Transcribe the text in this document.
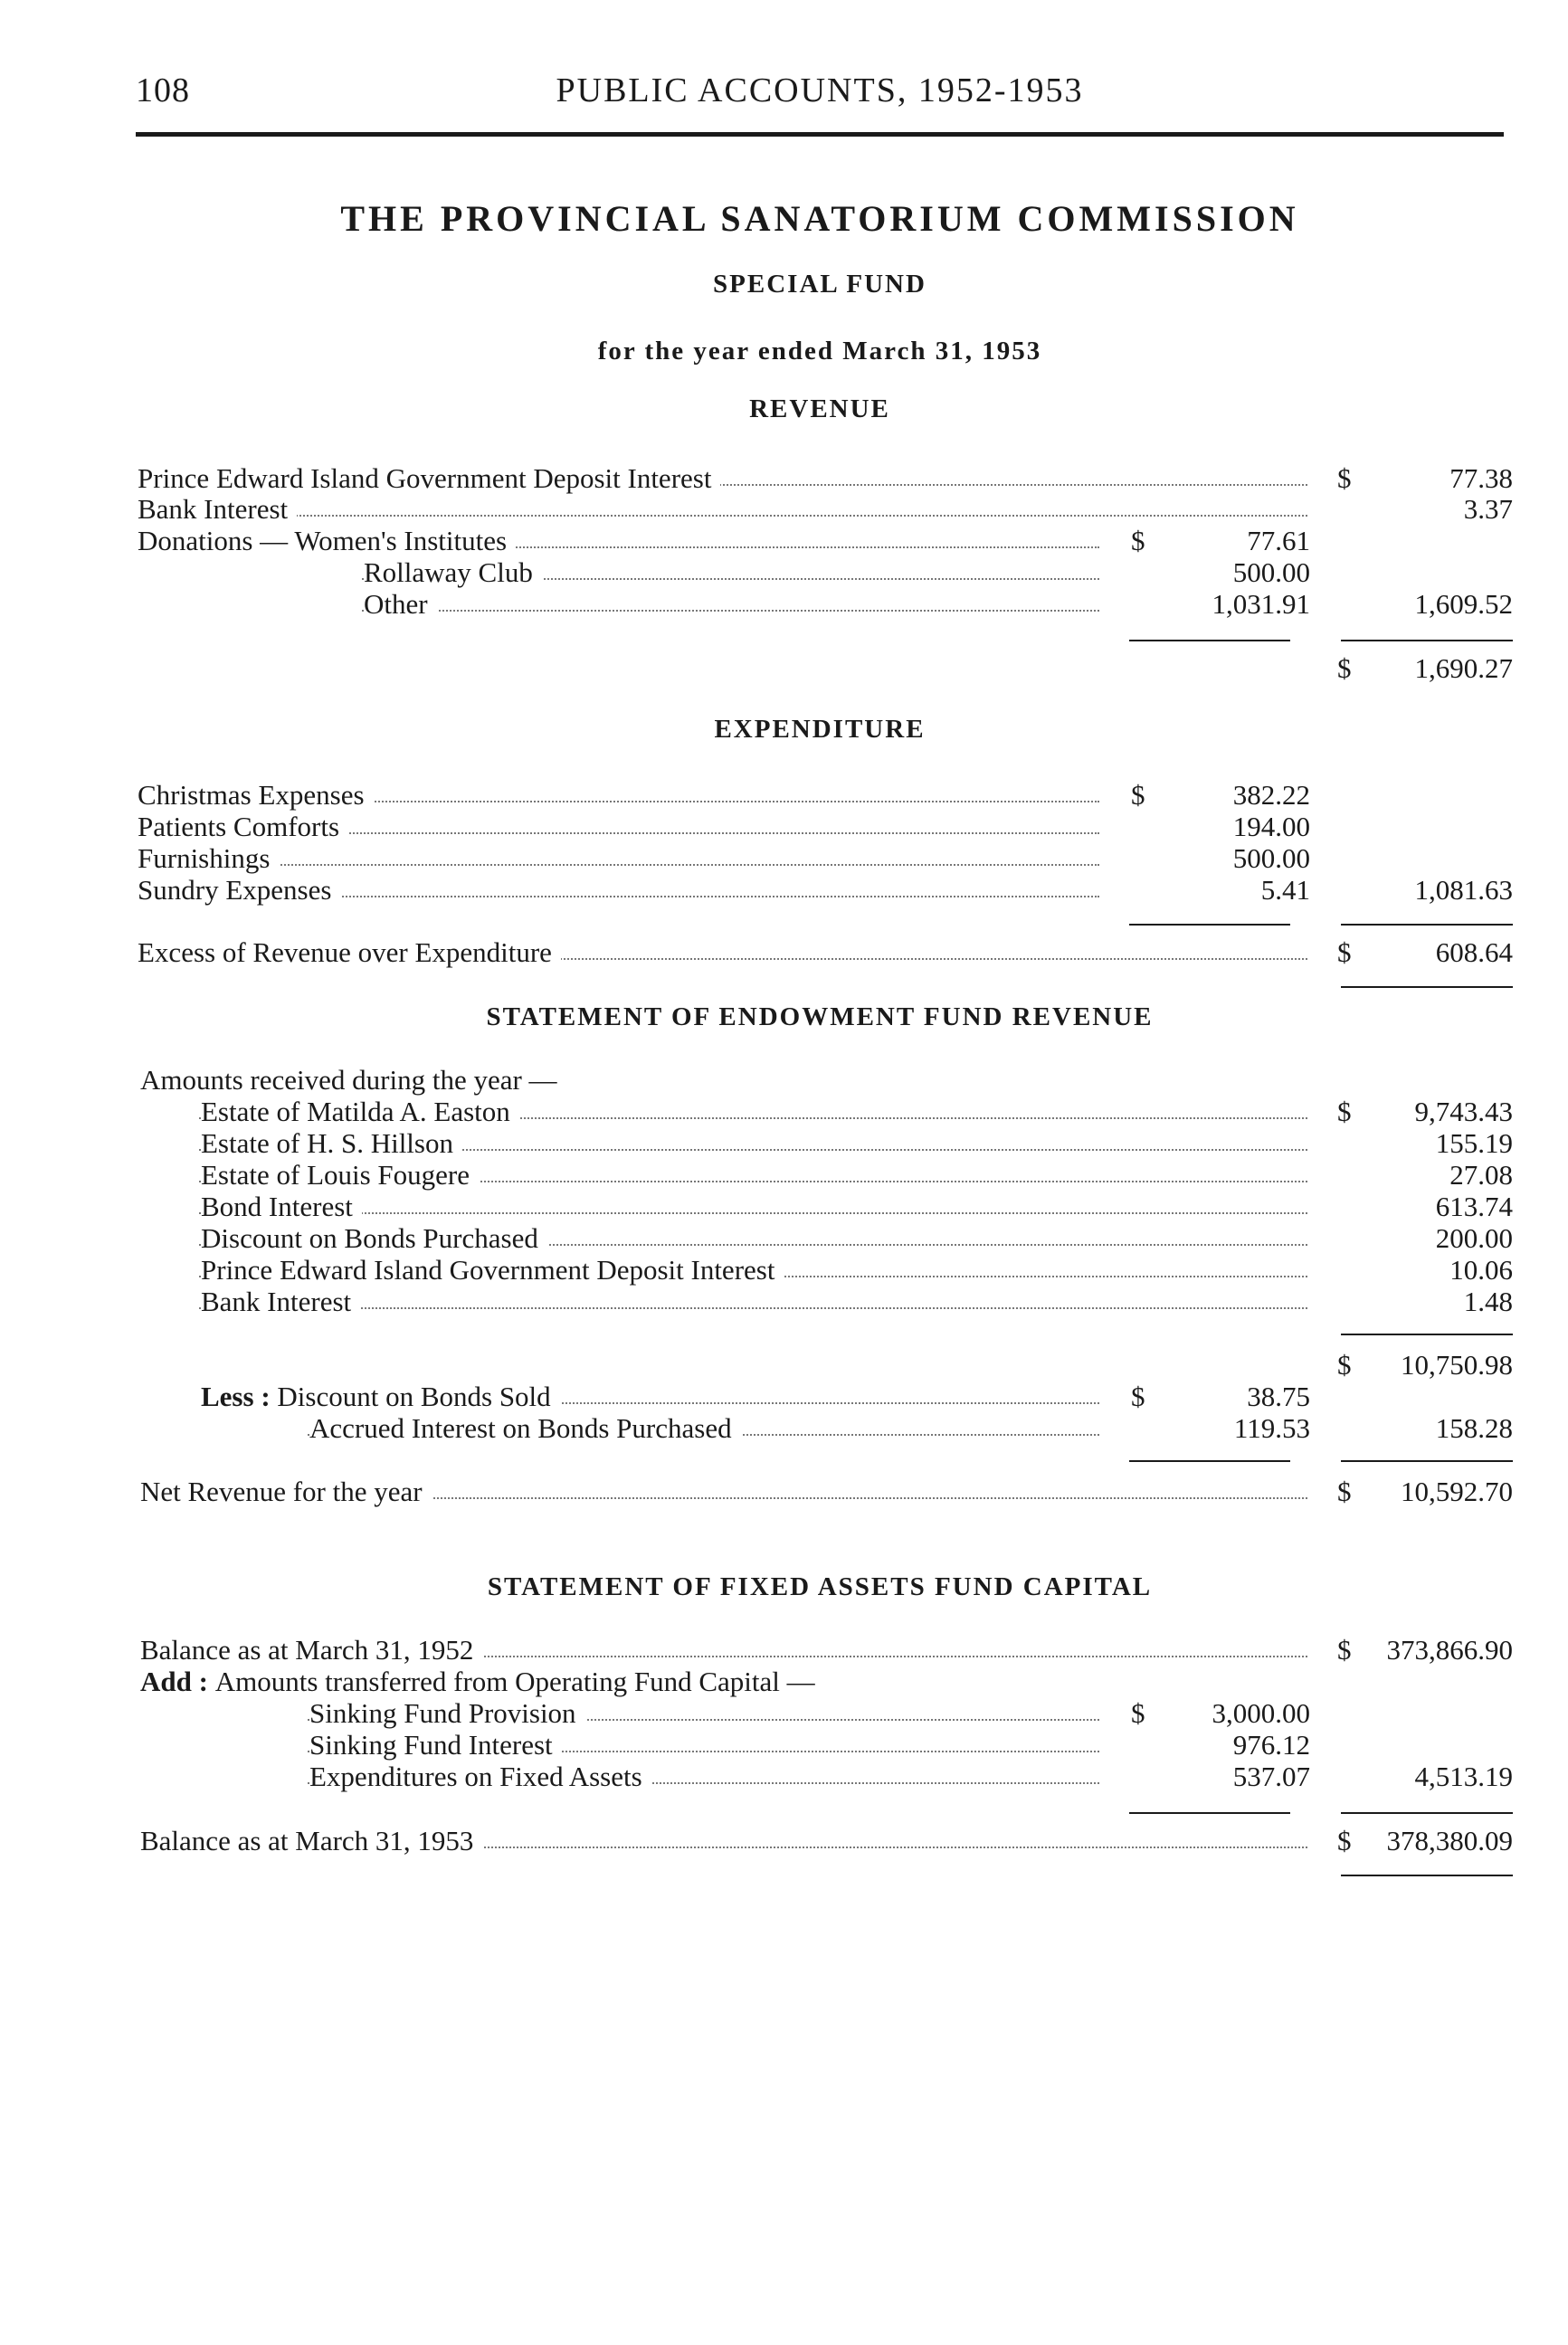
108	PUBLIC ACCOUNTS, 1952-1953
THE PROVINCIAL SANATORIUM COMMISSION
SPECIAL FUND
for the year ended March 31, 1953
REVENUE
Prince Edward Island Government Deposit Interest	$	77.38
Bank Interest	3.37
Donations — Women's Institutes	$	77.61
Rollaway Club	500.00
Other	1,031.91	1,609.52
$	1,690.27
EXPENDITURE
Christmas Expenses	$	382.22
Patients Comforts	194.00
Furnishings	500.00
Sundry Expenses	5.41	1,081.63
Excess of Revenue over Expenditure	$	608.64
STATEMENT OF ENDOWMENT FUND REVENUE
Amounts received during the year —
Estate of Matilda A. Easton	$	9,743.43
Estate of H. S. Hillson	155.19
Estate of Louis Fougere	27.08
Bond Interest	613.74
Discount on Bonds Purchased	200.00
Prince Edward Island Government Deposit Interest	10.06
Bank Interest	1.48
$	10,750.98
Less : Discount on Bonds Sold	$	38.75
Accrued Interest on Bonds Purchased	119.53	158.28
Net Revenue for the year	$	10,592.70
STATEMENT OF FIXED ASSETS FUND CAPITAL
Balance as at March 31, 1952	$	373,866.90
Add : Amounts transferred from Operating Fund Capital —
Sinking Fund Provision	$	3,000.00
Sinking Fund Interest	976.12
Expenditures on Fixed Assets	537.07	4,513.19
Balance as at March 31, 1953	$	378,380.09
